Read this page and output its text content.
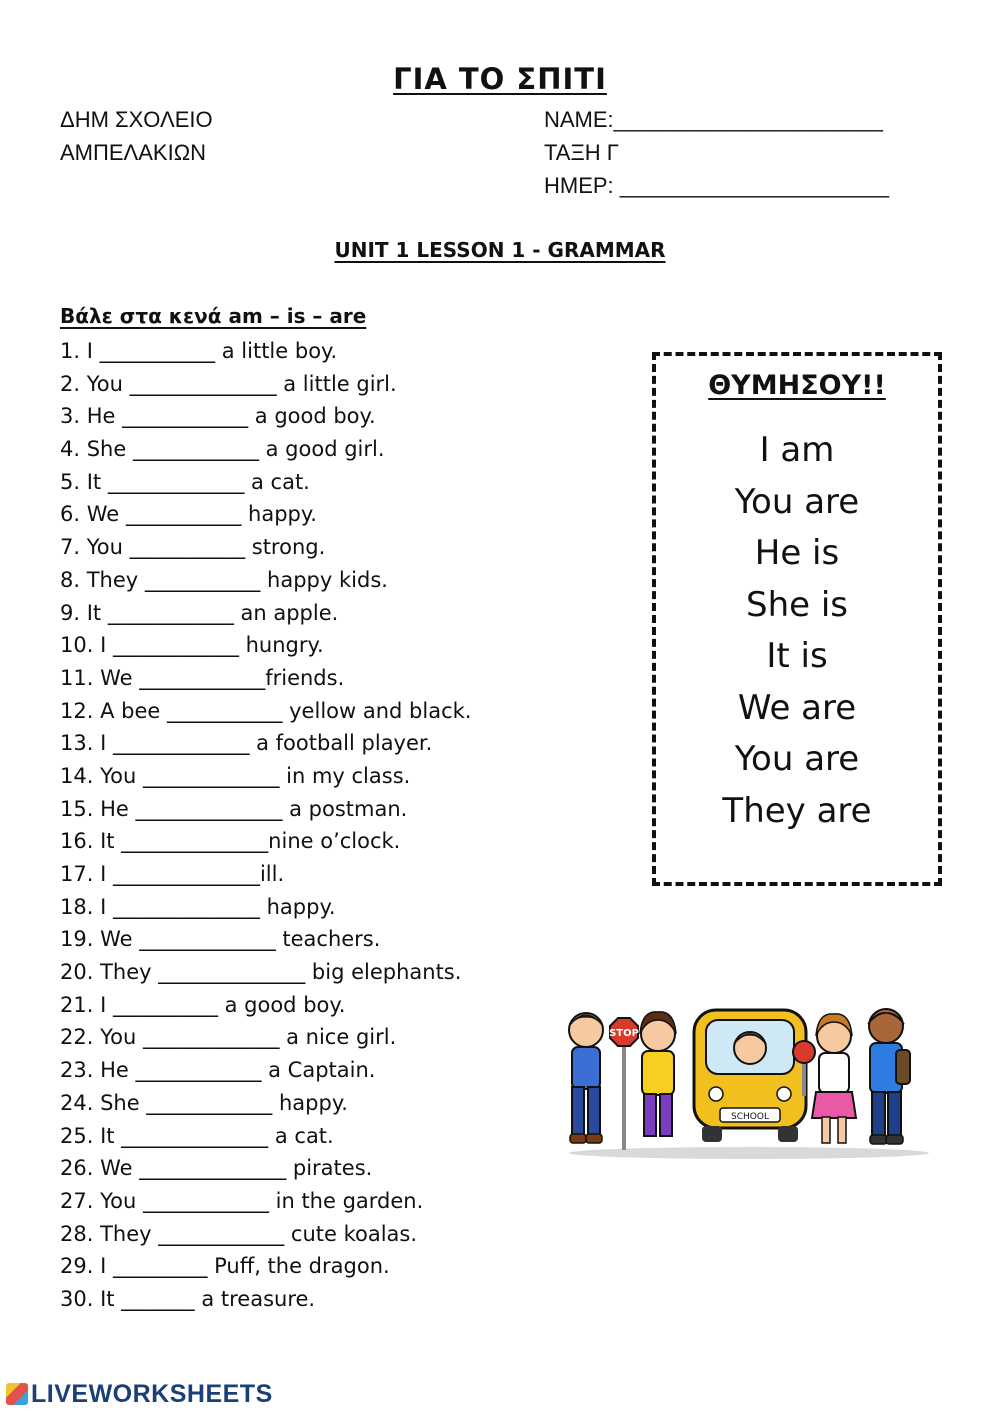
ΓΙΑ ΤΟ ΣΠΙΤΙ
ΔΗΜ ΣΧΟΛΕΙΟ
ΑΜΠΕΛΑΚΙΩΝ
NAME:______________________
ΤΑΞΗ Γ
ΗΜΕΡ: ______________________
UNIT 1 LESSON 1 - GRAMMAR
Βάλε στα κενά am – is – are
1. I ___________ a little boy.
2. You ______________ a little girl.
3. He ____________ a good boy.
4. She ____________ a good girl.
5. It _____________ a cat.
6. We ___________ happy.
7. You ___________ strong.
8. They ___________ happy kids.
9. It ____________ an apple.
10. I ____________ hungry.
11. We ____________friends.
12. A bee ___________ yellow and black.
13. I _____________ a football player.
14. You _____________ in my class.
15. He ______________ a postman.
16. It ______________nine o’clock.
17. I ______________ill.
18. I ______________ happy.
19. We _____________ teachers.
20. They ______________ big elephants.
21. I __________ a good boy.
22. You _____________ a nice girl.
23. He ____________ a Captain.
24. She ____________ happy.
25. It ______________ a cat.
26. We ______________ pirates.
27. You ____________ in the garden.
28. They ____________ cute koalas.
29. I _________ Puff, the dragon.
30. It _______ a treasure.
ΘΥΜΗΣΟΥ!!
I am
You are
He is
She is
It is
We are
You are
They are
STOP
SCHOOL
LIVEWORKSHEETS
